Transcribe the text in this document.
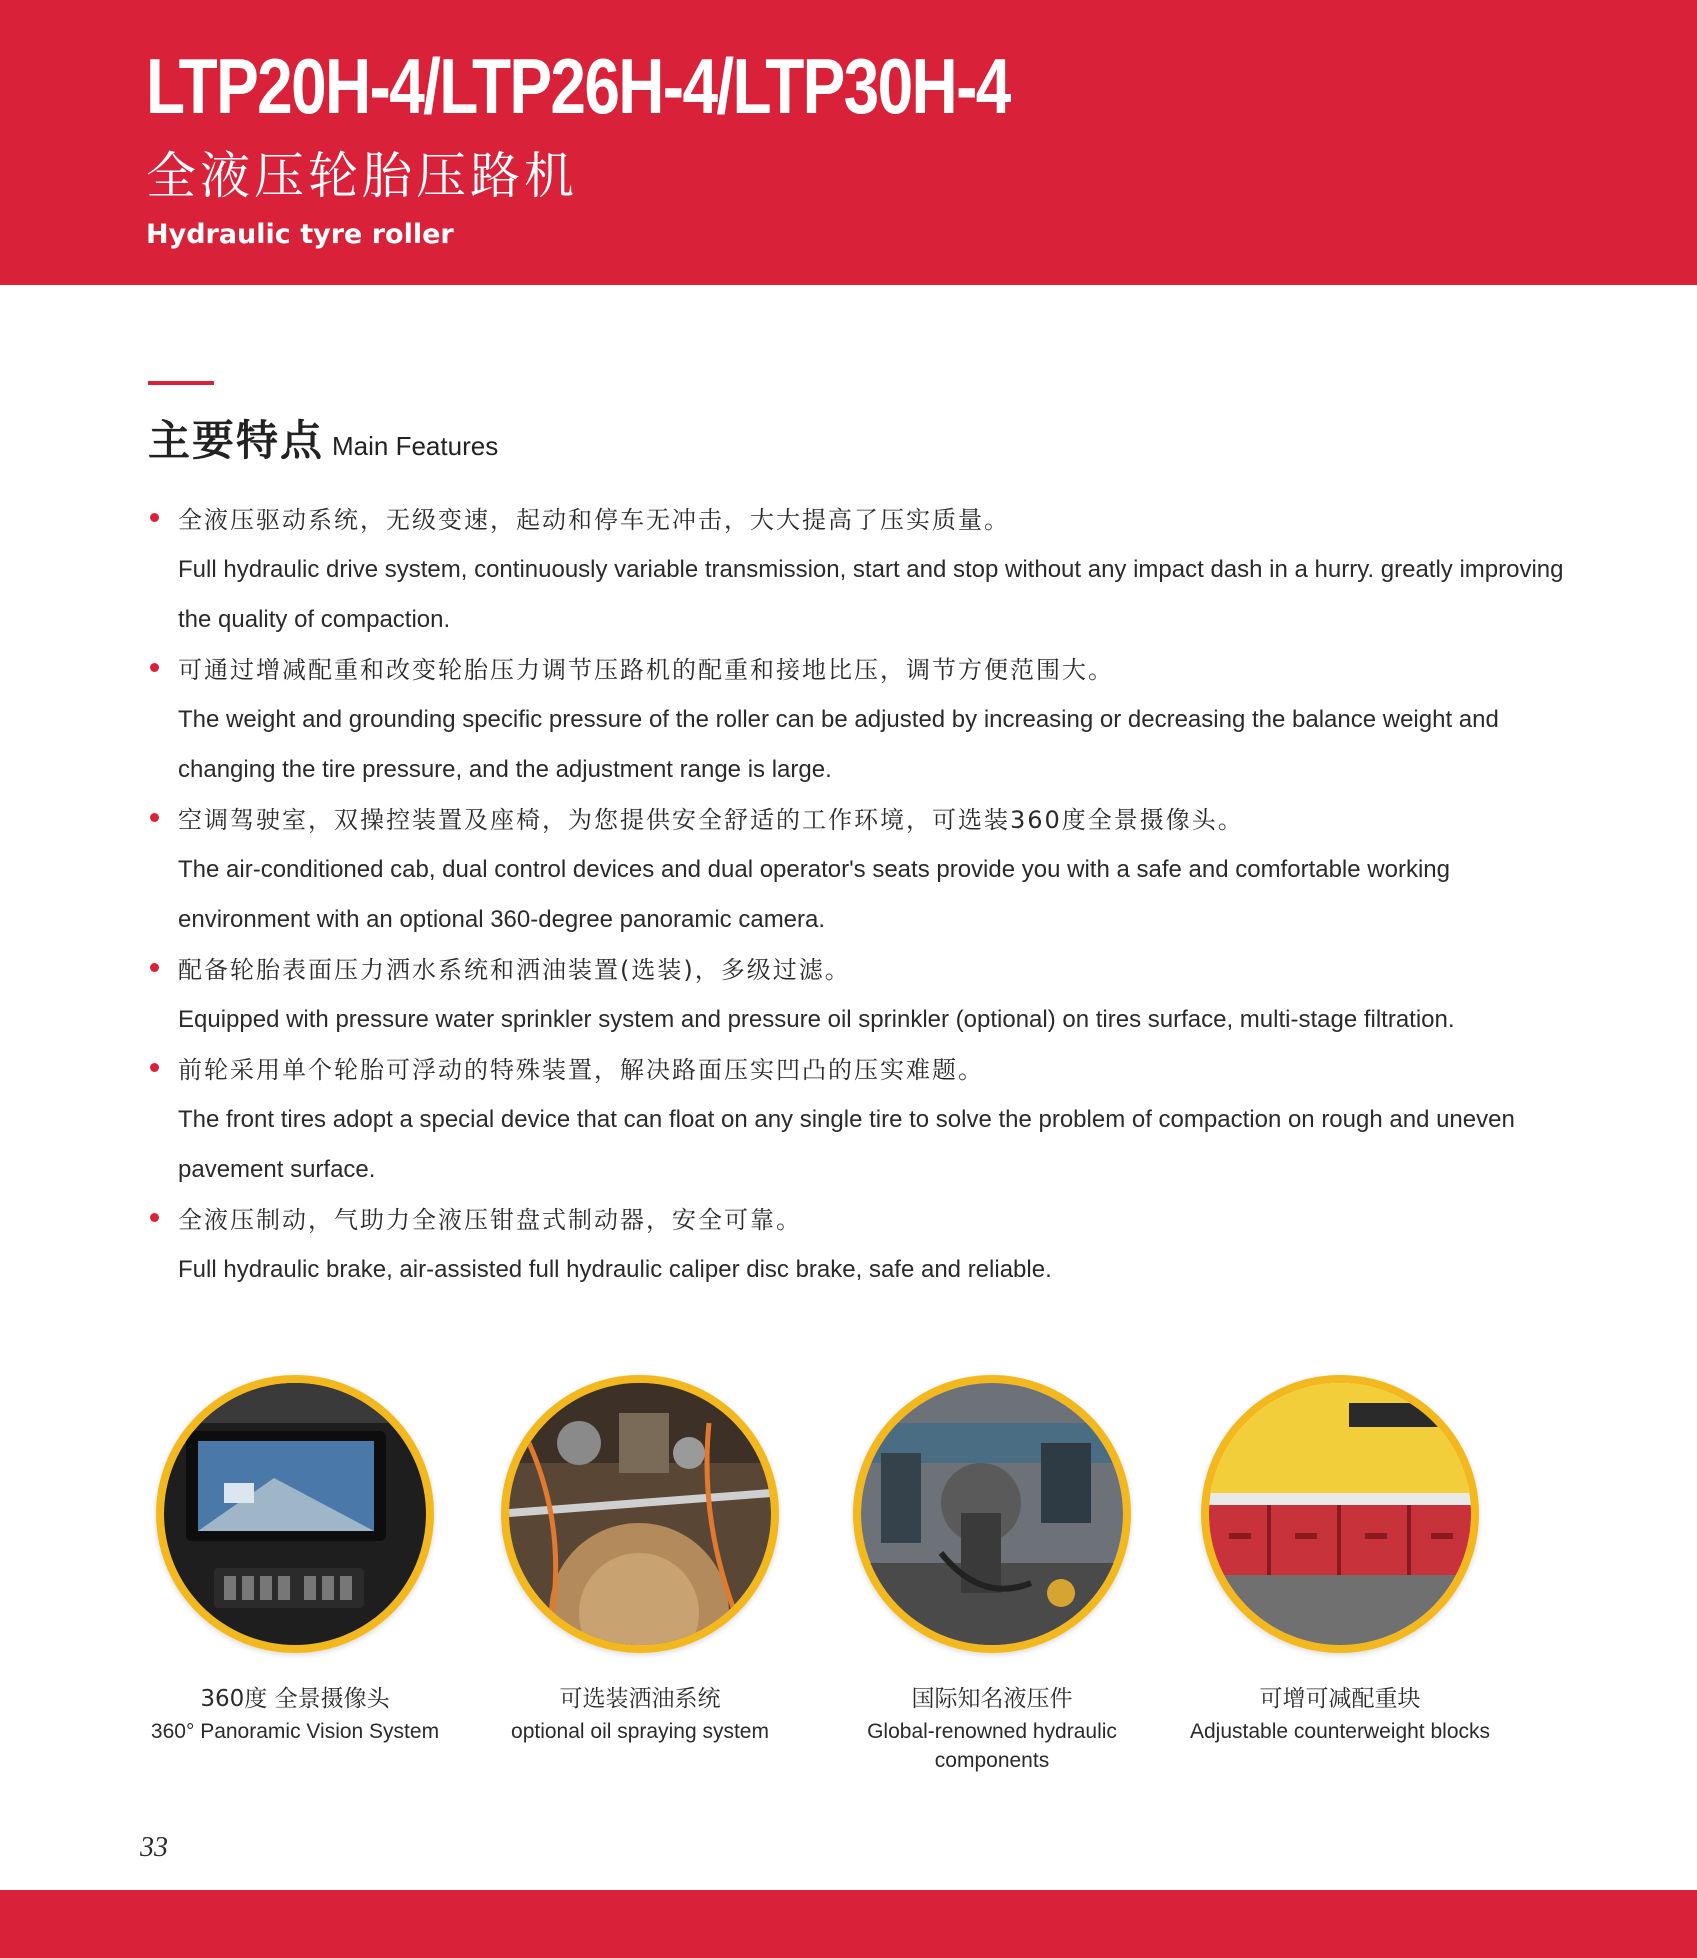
LTP20H-4/LTP26H-4/LTP30H-4
全液压轮胎压路机
Hydraulic tyre roller
主要特点 Main Features
全液压驱动系统，无级变速，起动和停车无冲击，大大提高了压实质量。
Full hydraulic drive system, continuously variable transmission, start and stop without any impact dash in a hurry. greatly improving the quality of compaction.
可通过增减配重和改变轮胎压力调节压路机的配重和接地比压，调节方便范围大。
The weight and grounding specific pressure of the roller can be adjusted by increasing or decreasing the balance weight and changing the tire pressure, and the adjustment range is large.
空调驾驶室，双操控装置及座椅，为您提供安全舒适的工作环境，可选装360度全景摄像头。
The air-conditioned cab, dual control devices and dual operator's seats provide you with a safe and comfortable working environment with an optional 360-degree panoramic camera.
配备轮胎表面压力洒水系统和洒油装置(选装)，多级过滤。
Equipped with pressure water sprinkler system and pressure oil sprinkler (optional) on tires surface, multi-stage filtration.
前轮采用单个轮胎可浮动的特殊装置，解决路面压实凹凸的压实难题。
The front tires adopt a special device that can float on any single tire to solve the problem of compaction on rough and uneven pavement surface.
全液压制动，气助力全液压钳盘式制动器，安全可靠。
Full hydraulic brake, air-assisted full hydraulic caliper disc brake, safe and reliable.
360度 全景摄像头
360° Panoramic Vision System
可选装洒油系统
optional oil spraying system
国际知名液压件
Global-renowned hydraulic components
可增可减配重块
Adjustable counterweight blocks
33
